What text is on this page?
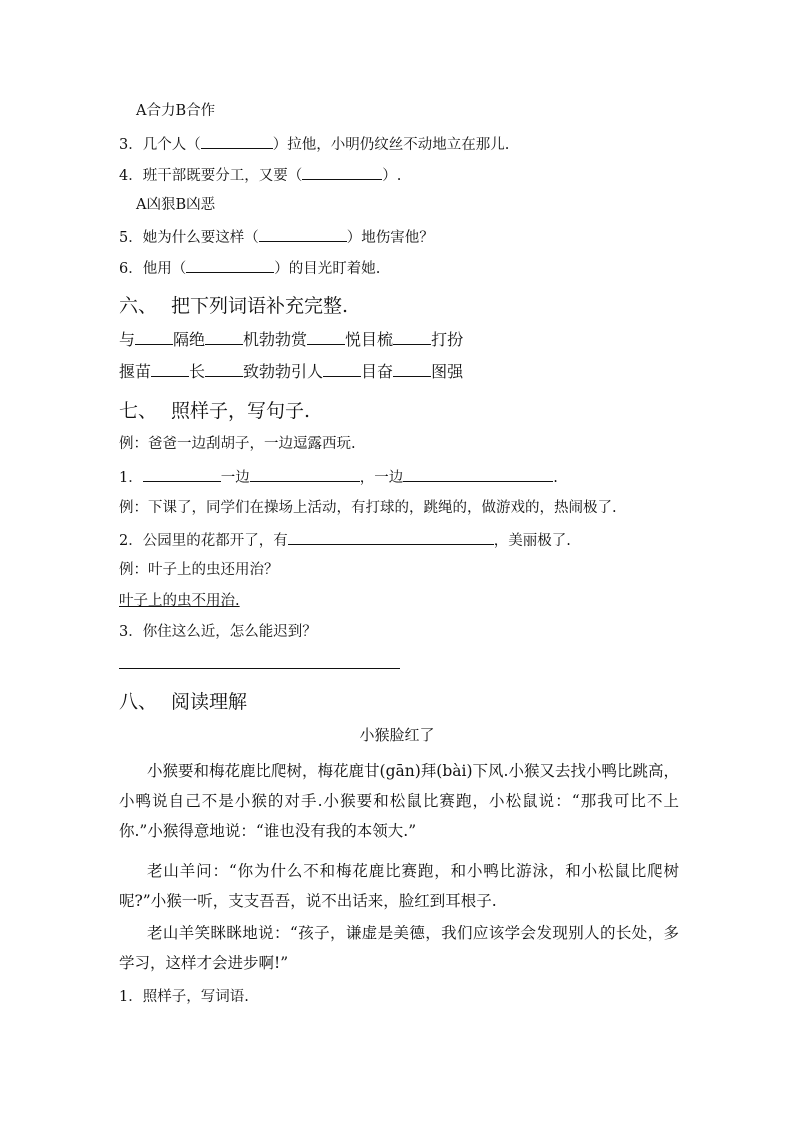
A合力B合作
3．几个人（	）拉他，小明仍纹丝不动地立在那儿.
4．班干部既要分工，又要（	）.
A凶狠B凶恶
5．她为什么要这样（	）地伤害他？
6．他用（	）的目光盯着她.
六、 把下列词语补充完整.
与 隔绝 机勃勃赏 悦目梳 打扮
揠苗 长 致勃勃引人 目奋 图强
七、 照样子，写句子.
例：爸爸一边刮胡子，一边逗露西玩.
1．	一边	，一边	.
例：下课了，同学们在操场上活动，有打球的，跳绳的，做游戏的，热闹极了.
2．公园里的花都开了，有	，美丽极了.
例：叶子上的虫还用治？
叶子上的虫不用治.
3．你住这么近，怎么能迟到？
八、 阅读理解
小猴脸红了
小猴要和梅花鹿比爬树，梅花鹿甘(gān)拜(bài)下风.小猴又去找小鸭比跳高，小鸭说自己不是小猴的对手.小猴要和松鼠比赛跑，小松鼠说：“那我可比不上你.”小猴得意地说：“谁也没有我的本领大.”
老山羊问：“你为什么不和梅花鹿比赛跑，和小鸭比游泳，和小松鼠比爬树呢?”小猴一听，支支吾吾，说不出话来，脸红到耳根子.
老山羊笑眯眯地说：“孩子，谦虚是美德，我们应该学会发现别人的长处，多学习，这样才会进步啊!”
1．照样子，写词语.
